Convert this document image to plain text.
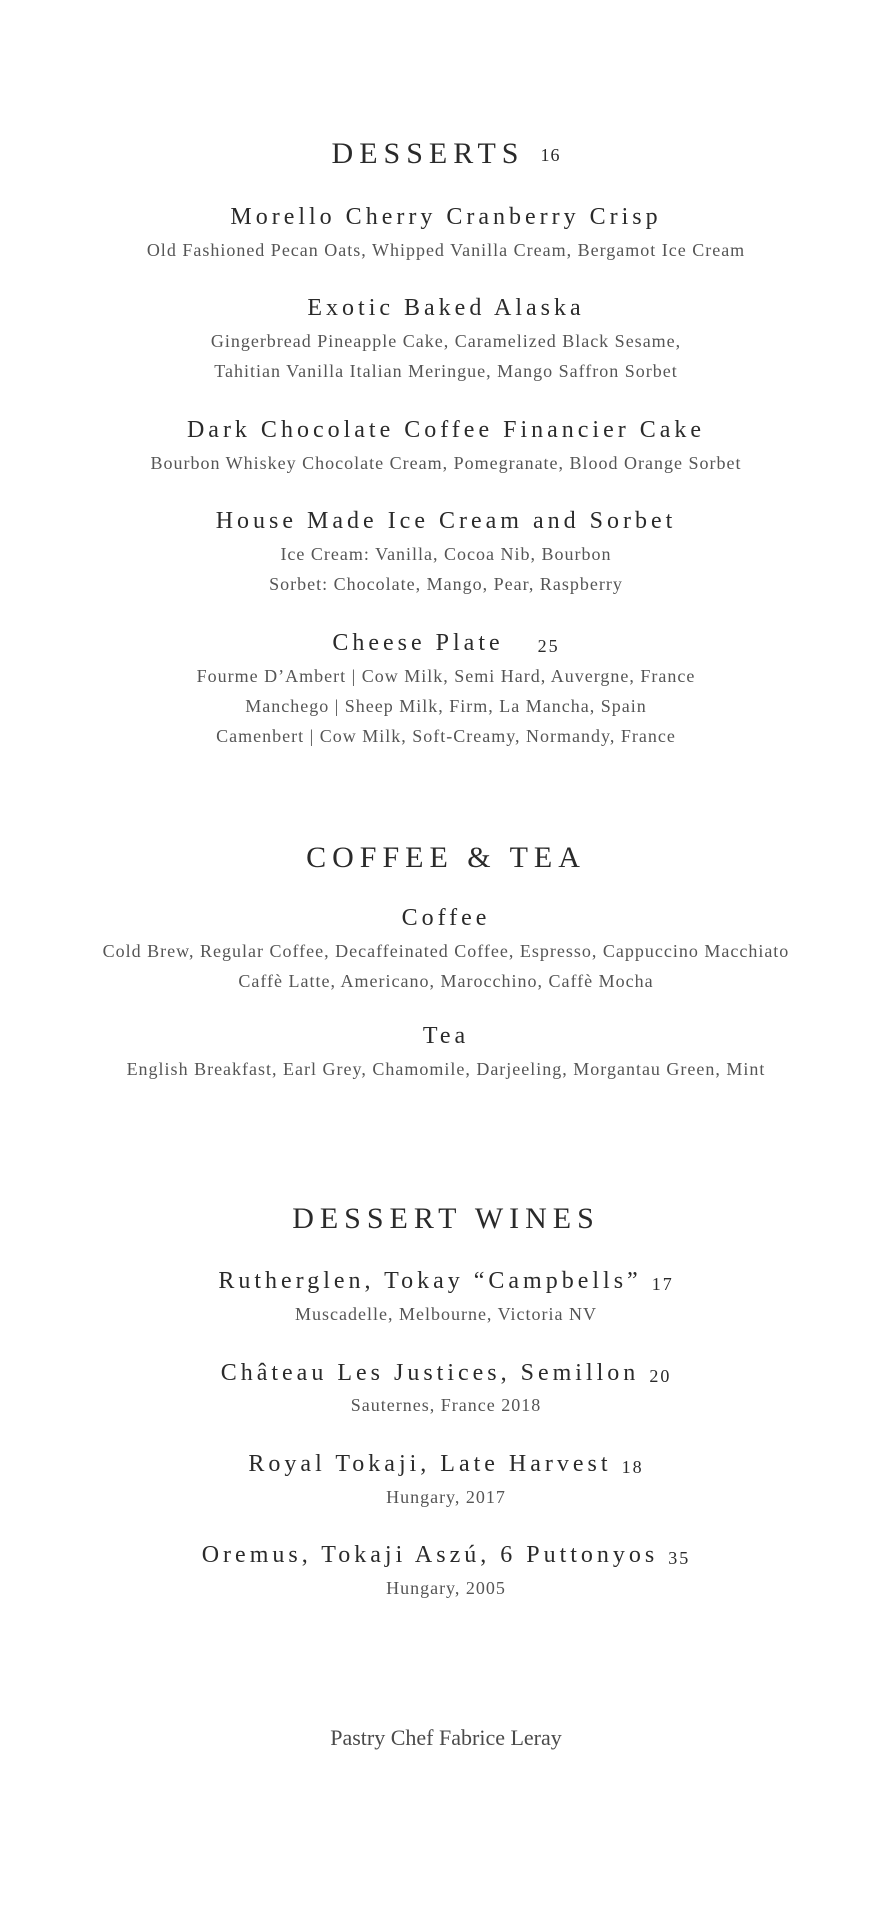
DESSERTS 16
Morello Cherry Cranberry Crisp
Old Fashioned Pecan Oats, Whipped Vanilla Cream, Bergamot Ice Cream
Exotic Baked Alaska
Gingerbread Pineapple Cake, Caramelized Black Sesame,
Tahitian Vanilla Italian Meringue, Mango Saffron Sorbet
Dark Chocolate Coffee Financier Cake
Bourbon Whiskey Chocolate Cream, Pomegranate, Blood Orange Sorbet
House Made Ice Cream and Sorbet
Ice Cream: Vanilla, Cocoa Nib, Bourbon
Sorbet: Chocolate, Mango, Pear, Raspberry
Cheese Plate 25
Fourme D’Ambert | Cow Milk, Semi Hard, Auvergne, France
Manchego | Sheep Milk, Firm, La Mancha, Spain
Camenbert | Cow Milk, Soft-Creamy, Normandy, France
COFFEE & TEA
Coffee
Cold Brew, Regular Coffee, Decaffeinated Coffee, Espresso, Cappuccino Macchiato
Caffè Latte, Americano, Marocchino, Caffè Mocha
Tea
English Breakfast, Earl Grey, Chamomile, Darjeeling, Morgantau Green, Mint
DESSERT WINES
Rutherglen, Tokay “Campbells” 17
Muscadelle, Melbourne, Victoria NV
Château Les Justices, Semillon 20
Sauternes, France 2018
Royal Tokaji, Late Harvest 18
Hungary, 2017
Oremus, Tokaji Aszú, 6 Puttonyos 35
Hungary, 2005
Pastry Chef Fabrice Leray
